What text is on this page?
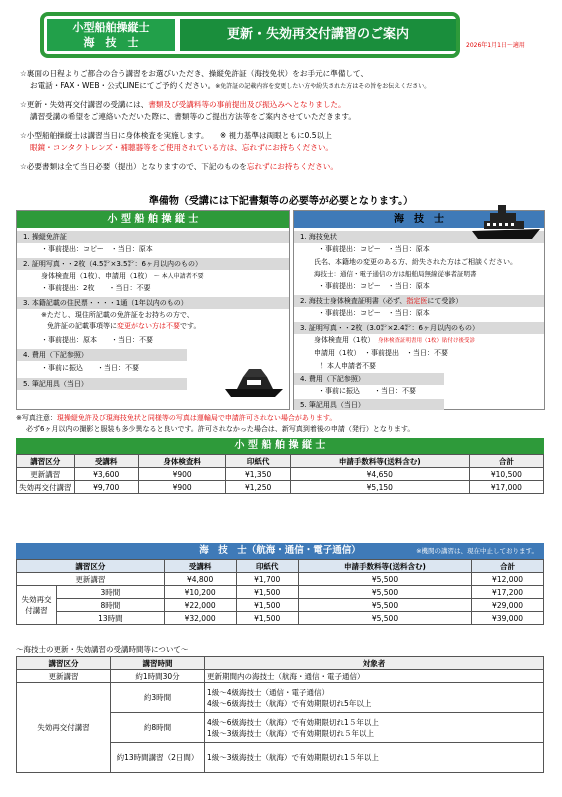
小型船舶操縦士
海　技　士
更新・失効再交付講習のご案内
2026年1月1日～適用
☆裏面の日程よりご都合の合う講習をお選びいただき、操縦免許証（海技免状）をお手元に準備して、
お電話・FAX・WEB・公式LINEにてご予約ください。※免許証の記載内容を変更したい方や紛失された方はその旨をお伝えください。
☆更新・失効再交付講習の受講には、書類及び受講料等の事前提出及び振込みへとなりました。
講習受講の希望をご連絡いただいた際に、書類等のご提出方法等をご案内させていただきます。
☆小型船舶操縦士は講習当日に身体検査を実施します。　　※ 視力基準は両眼ともに0.5以上
眼鏡・コンタクトレンズ・補聴器等をご使用されている方は、忘れずにお持ちください。
☆必要書類は全て当日必要（提出）となりますので、下記のものを忘れずにお持ちください。
準備物（受講には下記書類等の必要等が必要となります。）
小 型 船 舶 操 縦 士
1. 操縦免許証
・事前提出：コピー　・当日：原本
2. 証明写真・・2枚（4.5㌢×3.5㌢：6ヶ月以内のもの）
身体検査用（1枚）、申請用（1枚） ～ 本人申請者不要
・事前提出：2枚　　・当日：不要
3. 本籍記載の住民票・・・・1通（1年以内のもの）
※ただし、現住所記載の免許証をお持ちの方で、
免許証の記載事項等に変更がない方は不要です。
・事前提出：原本　　・当日：不要
4. 費用（下記参照）
・事前に振込　　・当日：不要
5. 筆記用具（当日）
海　技　士
1. 海技免状
・事前提出：コピー　・当日：原本
氏名、本籍地の変更のある方、紛失された方はご相談ください。
海技士：通信・電子通信の方は船舶局無線従事者証明書
・事前提出：コピー　・当日：原本
2. 海技士身体検査証明書（必ず、指定医にて受診）
・事前提出：コピー　・当日：原本
3. 証明写真・・2枚（3.0㌢×2.4㌢：6ヶ月以内のもの）
身体検査用（1枚）　 身体検査証明書用（1枚）貼付け後受診
申請用（1枚）　・事前提出　・当日：不要
！本人申請者不要
4. 費用（下記参照）
・事前に振込　　・当日：不要
5. 筆記用具（当日）
※写真注意：現操縦免許及び現海技免状と同様等の写真は運輸局で申請許可されない場合があります。
必ず6ヶ月以内の撮影と服装も多少異なると良いです。許可されなかった場合は、新写真到着後の申請（発行）となります。
小 型 船 舶 操 縦 士
講習区分	受講料	身体検査料	印紙代	申請手数料等(送料含む)	合計
更新講習	¥3,600	¥900	¥1,350	¥4,650	¥10,500
失効再交付講習	¥9,700	¥900	¥1,250	¥5,150	¥17,000
海　技　士（航海・通信・電子通信）	※機関の講習は、現在中止しております。
講習区分		受講料	印紙代	申請手数料等(送料含む)	合計
更新講習		¥4,800	¥1,700	¥5,500	¥12,000
失効再交付講習	3時間	¥10,200	¥1,500	¥5,500	¥17,200
	8時間	¥22,000	¥1,500	¥5,500	¥29,000
	13時間	¥32,000	¥1,500	¥5,500	¥39,000
～海技士の更新・失効講習の受講時間等について～
講習区分	講習時間	対象者
更新講習	約1時間30分	更新期間内の海技士（航海・通信・電子通信）
失効再交付講習	約3時間	1級～4級海技士（通信・電子通信）
4級～6級海技士（航海）で有効期限切れ5年以上

	約8時間	4級～6級海技士（航海）で有効期限切れ1５年以上
1級～3級海技士（航海）で有効期限切れ５年以上

	約13時間講習（2日間）	1級～3級海技士（航海）で有効期限切れ1５年以上
